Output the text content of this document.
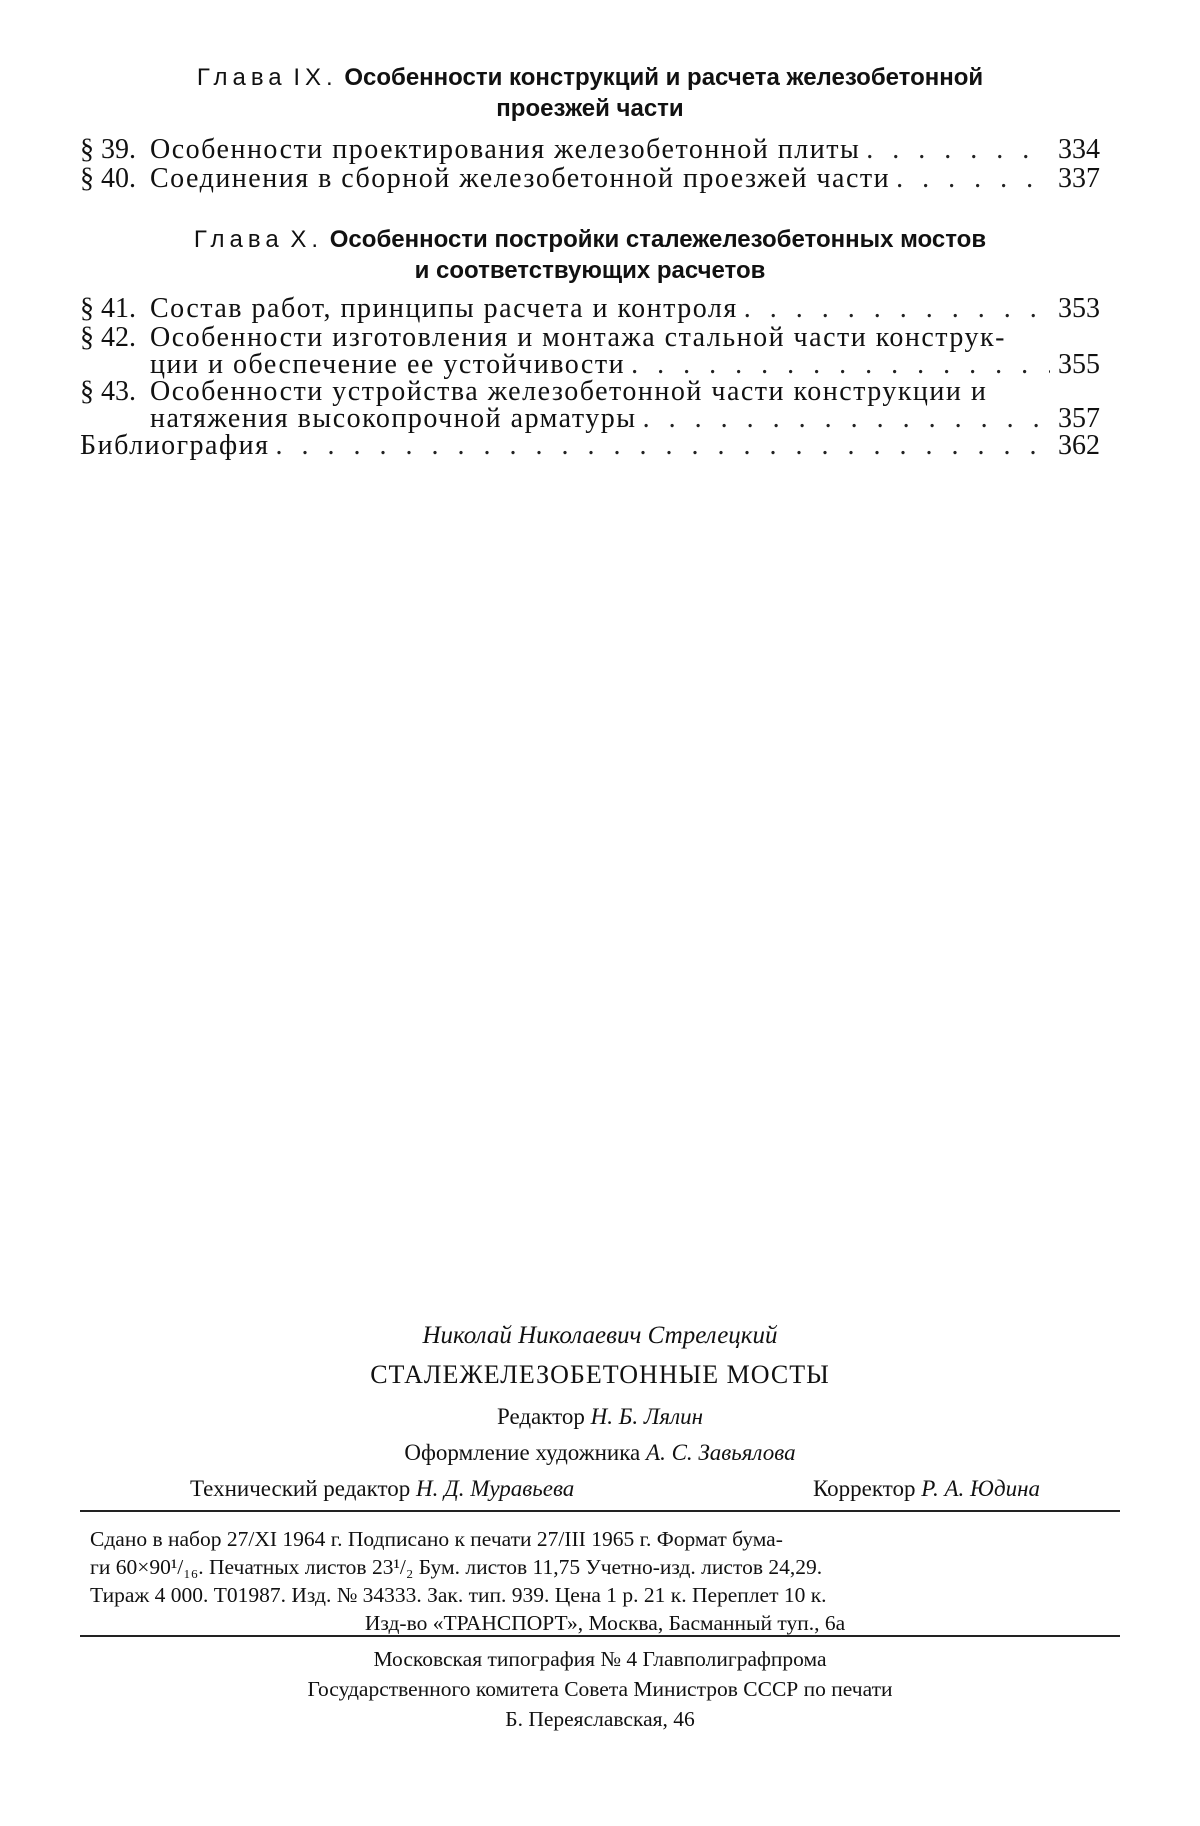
Глава IX. Особенности конструкций и расчета железобетонной
проезжей части
§ 39. Особенности проектирования железобетонной плиты . . .	334
§ 40. Соединения в сборной железобетонной проезжей части . . .	337
Глава X. Особенности постройки сталежелезобетонных мостов
и соответствующих расчетов
§ 41. Состав работ, принципы расчета и контроля . . .	353
§ 42. Особенности изготовления и монтажа стальной части конструк-
ции и обеспечение ее устойчивости . . .	355
§ 43. Особенности устройства железобетонной части конструкции и
натяжения высокопрочной арматуры . . .	357
Библиография . . .	362
Николай Николаевич Стрелецкий
СТАЛЕЖЕЛЕЗОБЕТОННЫЕ МОСТЫ
Редактор Н. Б. Лялин
Оформление художника А. С. Завьялова
Технический редактор Н. Д. Муравьева	Корректор Р. А. Юдина

Сдано в набор 27/XI 1964 г. Подписано к печати 27/III 1965 г. Формат бума-

ги 60×90¹/₁₆. Печатных листов 23¹/₂ Бум. листов 11,75 Учетно-изд. листов 24,29.

Тираж 4 000. Т01987. Изд. № 34333. Зак. тип. 939. Цена 1 р. 21 к. Переплет 10 к.

Изд-во «ТРАНСПОРТ», Москва, Басманный туп., 6а

Московская типография № 4 Главполиграфпрома

Государственного комитета Совета Министров СССР по печати

Б. Переяславская, 46
